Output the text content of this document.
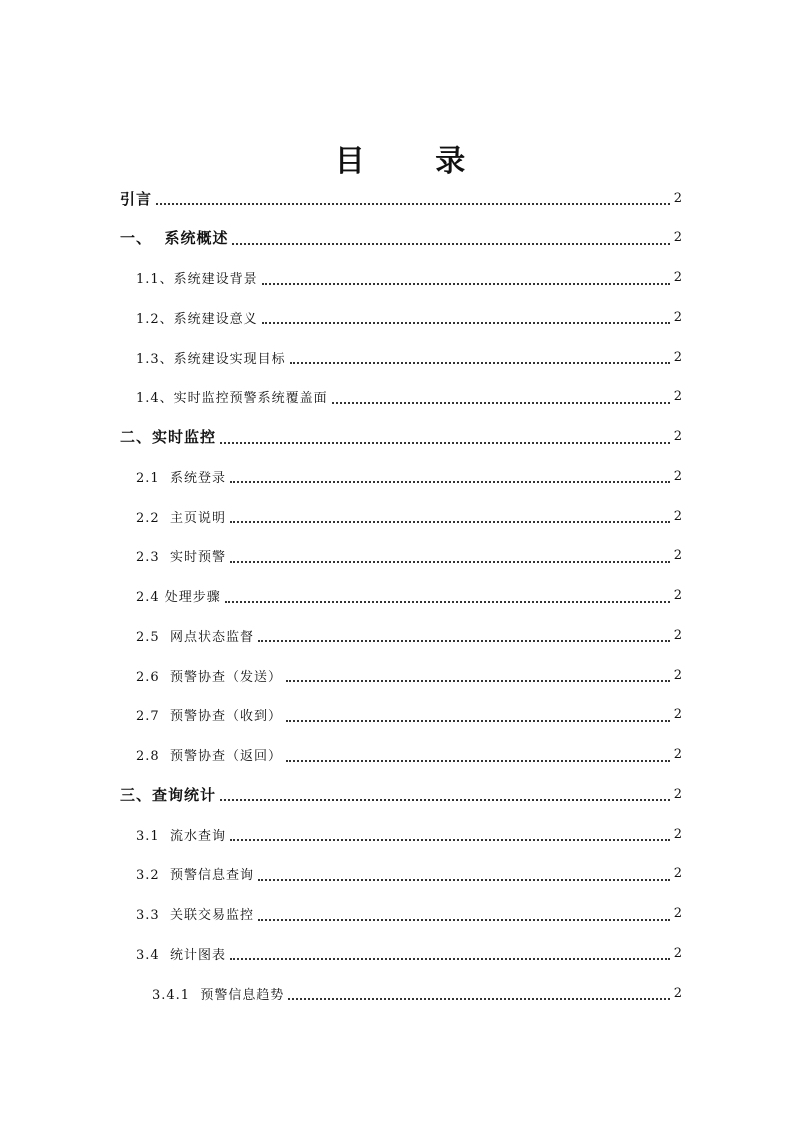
目 录
引言	2
一、  系统概述	2
1.1、系统建设背景	2
1.2、系统建设意义	2
1.3、系统建设实现目标	2
1.4、实时监控预警系统覆盖面	2
二、实时监控	2
2.1  系统登录	2
2.2  主页说明	2
2.3  实时预警	2
2.4 处理步骤	2
2.5  网点状态监督	2
2.6  预警协查（发送）	2
2.7  预警协查（收到）	2
2.8  预警协查（返回）	2
三、查询统计	2
3.1  流水查询	2
3.2  预警信息查询	2
3.3  关联交易监控	2
3.4  统计图表	2
3.4.1  预警信息趋势	2
